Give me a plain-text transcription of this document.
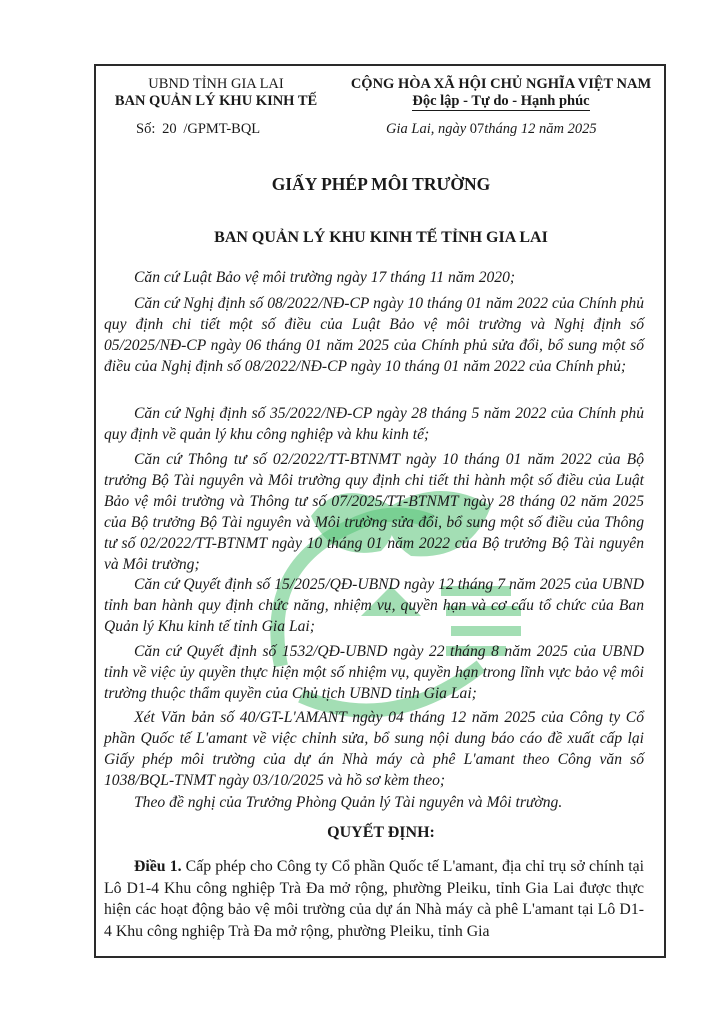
UBND TỈNH GIA LAI
BAN QUẢN LÝ KHU KINH TẾ
CỘNG HÒA XÃ HỘI CHỦ NGHĨA VIỆT NAM
Độc lập - Tự do - Hạnh phúc
Số: 20 /GPMT-BQL	Gia Lai, ngày 07tháng 12 năm 2025
GIẤY PHÉP MÔI TRƯỜNG
BAN QUẢN LÝ KHU KINH TẾ TỈNH GIA LAI
Căn cứ Luật Bảo vệ môi trường ngày 17 tháng 11 năm 2020;
Căn cứ Nghị định số 08/2022/NĐ-CP ngày 10 tháng 01 năm 2022 của Chính phủ quy định chi tiết một số điều của Luật Bảo vệ môi trường và Nghị định số 05/2025/NĐ-CP ngày 06 tháng 01 năm 2025 của Chính phủ sửa đổi, bổ sung một số điều của Nghị định số 08/2022/NĐ-CP ngày 10 tháng 01 năm 2022 của Chính phủ;
Căn cứ Nghị định số 35/2022/NĐ-CP ngày 28 tháng 5 năm 2022 của Chính phủ quy định về quản lý khu công nghiệp và khu kinh tế;
Căn cứ Thông tư số 02/2022/TT-BTNMT ngày 10 tháng 01 năm 2022 của Bộ trưởng Bộ Tài nguyên và Môi trường quy định chi tiết thi hành một số điều của Luật Bảo vệ môi trường và Thông tư số 07/2025/TT-BTNMT ngày 28 tháng 02 năm 2025 của Bộ trưởng Bộ Tài nguyên và Môi trường sửa đổi, bổ sung một số điều của Thông tư số 02/2022/TT-BTNMT ngày 10 tháng 01 năm 2022 của Bộ trưởng Bộ Tài nguyên và Môi trường;
Căn cứ Quyết định số 15/2025/QĐ-UBND ngày 12 tháng 7 năm 2025 của UBND tỉnh ban hành quy định chức năng, nhiệm vụ, quyền hạn và cơ cấu tổ chức của Ban Quản lý Khu kinh tế tỉnh Gia Lai;
Căn cứ Quyết định số 1532/QĐ-UBND ngày 22 tháng 8 năm 2025 của UBND tỉnh về việc ủy quyền thực hiện một số nhiệm vụ, quyền hạn trong lĩnh vực bảo vệ môi trường thuộc thẩm quyền của Chủ tịch UBND tỉnh Gia Lai;
Xét Văn bản số 40/GT-L'AMANT ngày 04 tháng 12 năm 2025 của Công ty Cổ phần Quốc tế L'amant về việc chỉnh sửa, bổ sung nội dung báo cáo đề xuất cấp lại Giấy phép môi trường của dự án Nhà máy cà phê L'amant theo Công văn số 1038/BQL-TNMT ngày 03/10/2025 và hồ sơ kèm theo;
Theo đề nghị của Trưởng Phòng Quản lý Tài nguyên và Môi trường.
QUYẾT ĐỊNH:
Điều 1. Cấp phép cho Công ty Cổ phần Quốc tế L'amant, địa chỉ trụ sở chính tại Lô D1-4 Khu công nghiệp Trà Đa mở rộng, phường Pleiku, tỉnh Gia Lai được thực hiện các hoạt động bảo vệ môi trường của dự án Nhà máy cà phê L'amant tại Lô D1-4 Khu công nghiệp Trà Đa mở rộng, phường Pleiku, tỉnh Gia
